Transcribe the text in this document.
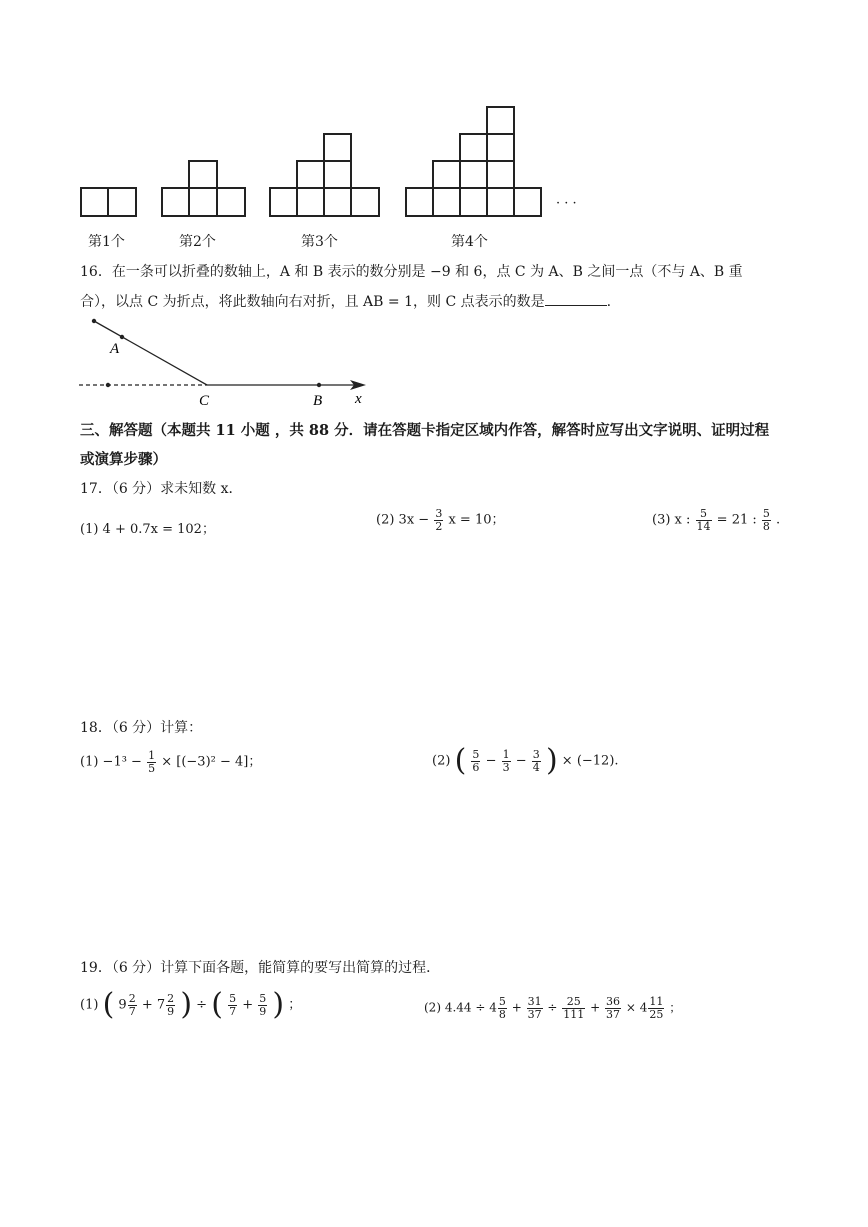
· · ·
第1个	第2个	第3个	第4个
16．在一条可以折叠的数轴上，A 和 B 表示的数分别是 −9 和 6，点 C 为 A、B 之间一点（不与 A、B 重
合），以点 C 为折点，将此数轴向右对折，且 AB = 1，则 C 点表示的数是	.
A
C	B x
三、解答题（本题共 11 小题 ，共 88 分．请在答题卡指定区域内作答，解答时应写出文字说明、证明过程
或演算步骤）
17．（6 分）求未知数 x．
(1) 4 + 0.7x = 102；
(2) $3x - \frac{3}{2}$ x = 10；	(3) x : $\frac{5}{14} = 21$ : $\frac{5}{8}$ .
18．（6 分）计算：
$(1) -1^3 - \frac{1}{5} \times [(-3)^2 - 4]$；	(2) ( $\frac{5}{6} - \frac{1}{3} - \frac{3}{4}$ ) × (−12).
19．（6 分）计算下面各题，能简算的要写出简算的过程．
(1) ( $9 \frac{2}{7} + 7 \frac{2}{9}$ ) ÷ ( $\frac{5}{7} + \frac{5}{9}$ ) ；	(2) $4.44 \div 4 \frac{5}{8} + \frac{31}{37} \div \frac{25}{111} + \frac{36}{37} \times 4 \frac{11}{25}$ ；
